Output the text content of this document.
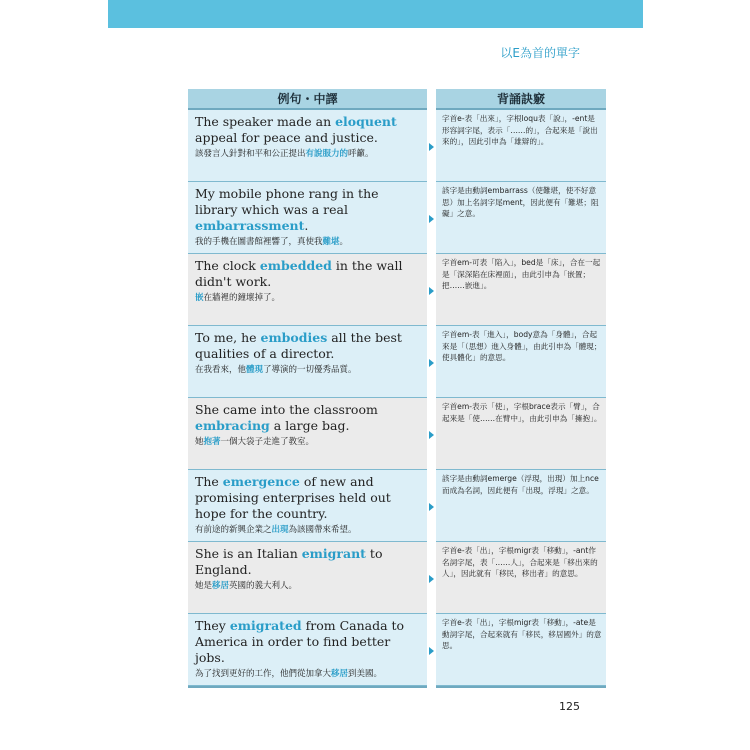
以E為首的單字
例句・中譯	背誦訣竅
The speaker made an eloquent appeal for peace and justice.
該發言人針對和平和公正提出有說服力的呼籲。
字首e-表「出來」，字根loqu表「說」，-ent是形容詞字尾，表示「……的」，合起來是「說出來的」，因此引申為「雄辯的」。
My mobile phone rang in the library which was a real embarrassment.
我的手機在圖書館裡響了，真使我難堪。
該字是由動詞embarrass（使難堪，使不好意思）加上名詞字尾ment，因此便有「難堪；阻礙」之意。
The clock embedded in the wall didn't work.
嵌在牆裡的鐘壞掉了。
字首em-可表「陷入」，bed是「床」，合在一起是「深深陷在床裡面」，由此引申為「嵌置；把……嵌進」。
To me, he embodies all the best qualities of a director.
在我看來，他體現了導演的一切優秀品質。
字首em-表「進入」，body意為「身體」，合起來是「（思想）進入身體」，由此引申為「體現；使具體化」的意思。
She came into the classroom embracing a large bag.
她抱著一個大袋子走進了教室。
字首em-表示「使」，字根brace表示「臂」，合起來是「使……在臂中」，由此引申為「擁抱」。
The emergence of new and promising enterprises held out hope for the country.
有前途的新興企業之出現為該國帶來希望。
該字是由動詞emerge（浮現，出現）加上nce而成為名詞，因此便有「出現，浮現」之意。
She is an Italian emigrant to England.
她是移居英國的義大利人。
字首e-表「出」，字根migr表「移動」，-ant作名詞字尾，表「……人」，合起來是「移出來的人」，因此就有「移民，移出者」的意思。
They emigrated from Canada to America in order to find better jobs.
為了找到更好的工作，他們從加拿大移居到美國。
字首e-表「出」，字根migr表「移動」，-ate是動詞字尾，合起來就有「移民，移居國外」的意思。
125
